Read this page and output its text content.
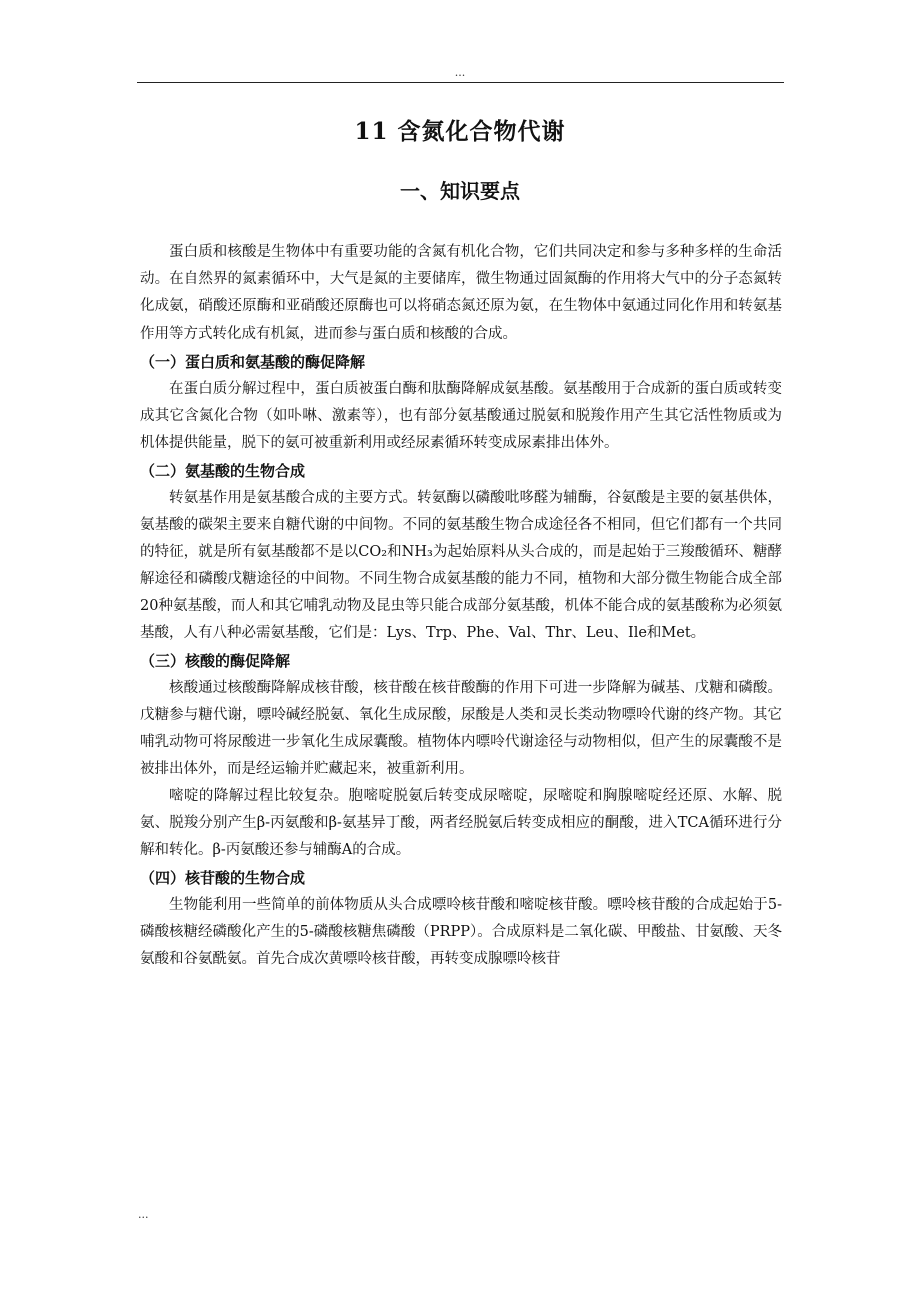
...
11 含氮化合物代谢
一、知识要点

蛋白质和核酸是生物体中有重要功能的含氮有机化合物，它们共同决定和参与多种多样的生命活动。在自然界的氮素循环中，大气是氮的主要储库，微生物通过固氮酶的作用将大气中的分子态氮转化成氨，硝酸还原酶和亚硝酸还原酶也可以将硝态氮还原为氨，在生物体中氨通过同化作用和转氨基作用等方式转化成有机氮，进而参与蛋白质和核酸的合成。

（一）蛋白质和氨基酸的酶促降解

在蛋白质分解过程中，蛋白质被蛋白酶和肽酶降解成氨基酸。氨基酸用于合成新的蛋白质或转变成其它含氮化合物（如卟啉、激素等），也有部分氨基酸通过脱氨和脱羧作用产生其它活性物质或为机体提供能量，脱下的氨可被重新利用或经尿素循环转变成尿素排出体外。

（二）氨基酸的生物合成

转氨基作用是氨基酸合成的主要方式。转氨酶以磷酸吡哆醛为辅酶，谷氨酸是主要的氨基供体，氨基酸的碳架主要来自糖代谢的中间物。不同的氨基酸生物合成途径各不相同，但它们都有一个共同的特征，就是所有氨基酸都不是以CO₂和NH₃为起始原料从头合成的，而是起始于三羧酸循环、糖酵解途径和磷酸戊糖途径的中间物。不同生物合成氨基酸的能力不同，植物和大部分微生物能合成全部20种氨基酸，而人和其它哺乳动物及昆虫等只能合成部分氨基酸，机体不能合成的氨基酸称为必须氨基酸，人有八种必需氨基酸，它们是：Lys、Trp、Phe、Val、Thr、Leu、Ile和Met。

（三）核酸的酶促降解

核酸通过核酸酶降解成核苷酸，核苷酸在核苷酸酶的作用下可进一步降解为碱基、戊糖和磷酸。戊糖参与糖代谢，嘌呤碱经脱氨、氧化生成尿酸，尿酸是人类和灵长类动物嘌呤代谢的终产物。其它哺乳动物可将尿酸进一步氧化生成尿囊酸。植物体内嘌呤代谢途径与动物相似，但产生的尿囊酸不是被排出体外，而是经运输并贮藏起来，被重新利用。

嘧啶的降解过程比较复杂。胞嘧啶脱氨后转变成尿嘧啶，尿嘧啶和胸腺嘧啶经还原、水解、脱氨、脱羧分别产生β-丙氨酸和β-氨基异丁酸，两者经脱氨后转变成相应的酮酸，进入TCA循环进行分解和转化。β-丙氨酸还参与辅酶A的合成。

（四）核苷酸的生物合成

生物能利用一些简单的前体物质从头合成嘌呤核苷酸和嘧啶核苷酸。嘌呤核苷酸的合成起始于5-磷酸核糖经磷酸化产生的5-磷酸核糖焦磷酸（PRPP）。合成原料是二氧化碳、甲酸盐、甘氨酸、天冬氨酸和谷氨酰氨。首先合成次黄嘌呤核苷酸，再转变成腺嘌呤核苷

...
